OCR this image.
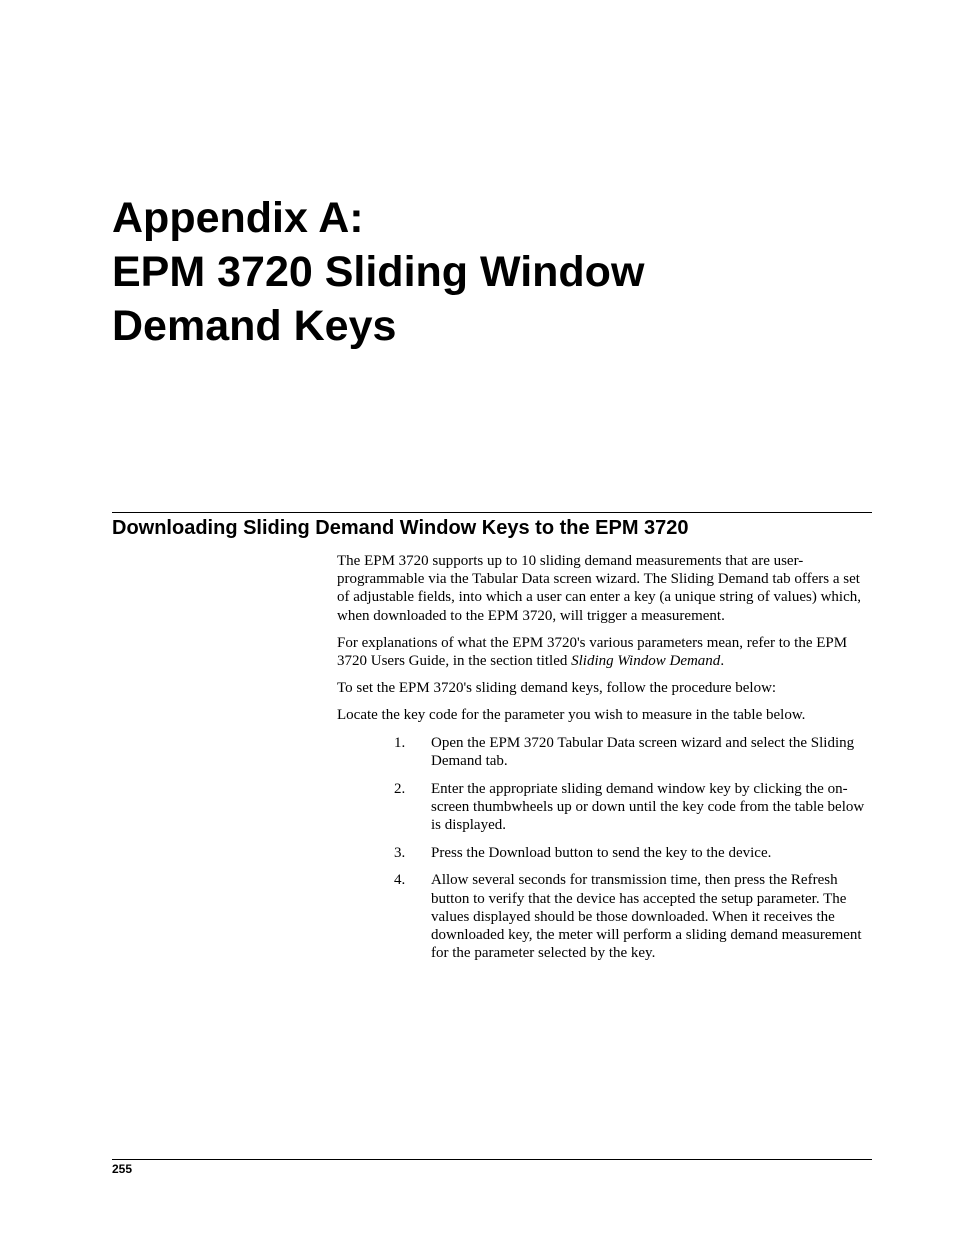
Appendix A:
EPM 3720 Sliding Window
Demand Keys
Downloading Sliding Demand Window Keys to the EPM 3720

The EPM 3720 supports up to 10 sliding demand measurements that are user-programmable via the Tabular Data screen wizard. The Sliding Demand tab offers a set of adjustable fields, into which a user can enter a key (a unique string of values) which, when downloaded to the EPM 3720, will trigger a measurement.

For explanations of what the EPM 3720's various parameters mean, refer to the EPM 3720 Users Guide, in the section titled Sliding Window Demand.

To set the EPM 3720's sliding demand keys, follow the procedure below:

Locate the key code for the parameter you wish to measure in the table below.

1.	Open the EPM 3720 Tabular Data screen wizard and select the Sliding Demand tab.
2.	Enter the appropriate sliding demand window key by clicking the on-screen thumbwheels up or down until the key code from the table below is displayed.
3.	Press the Download button to send the key to the device.
4.	Allow several seconds for transmission time, then press the Refresh button to verify that the device has accepted the setup parameter. The values displayed should be those downloaded. When it receives the downloaded key, the meter will perform a sliding demand measurement for the parameter selected by the key.
255
